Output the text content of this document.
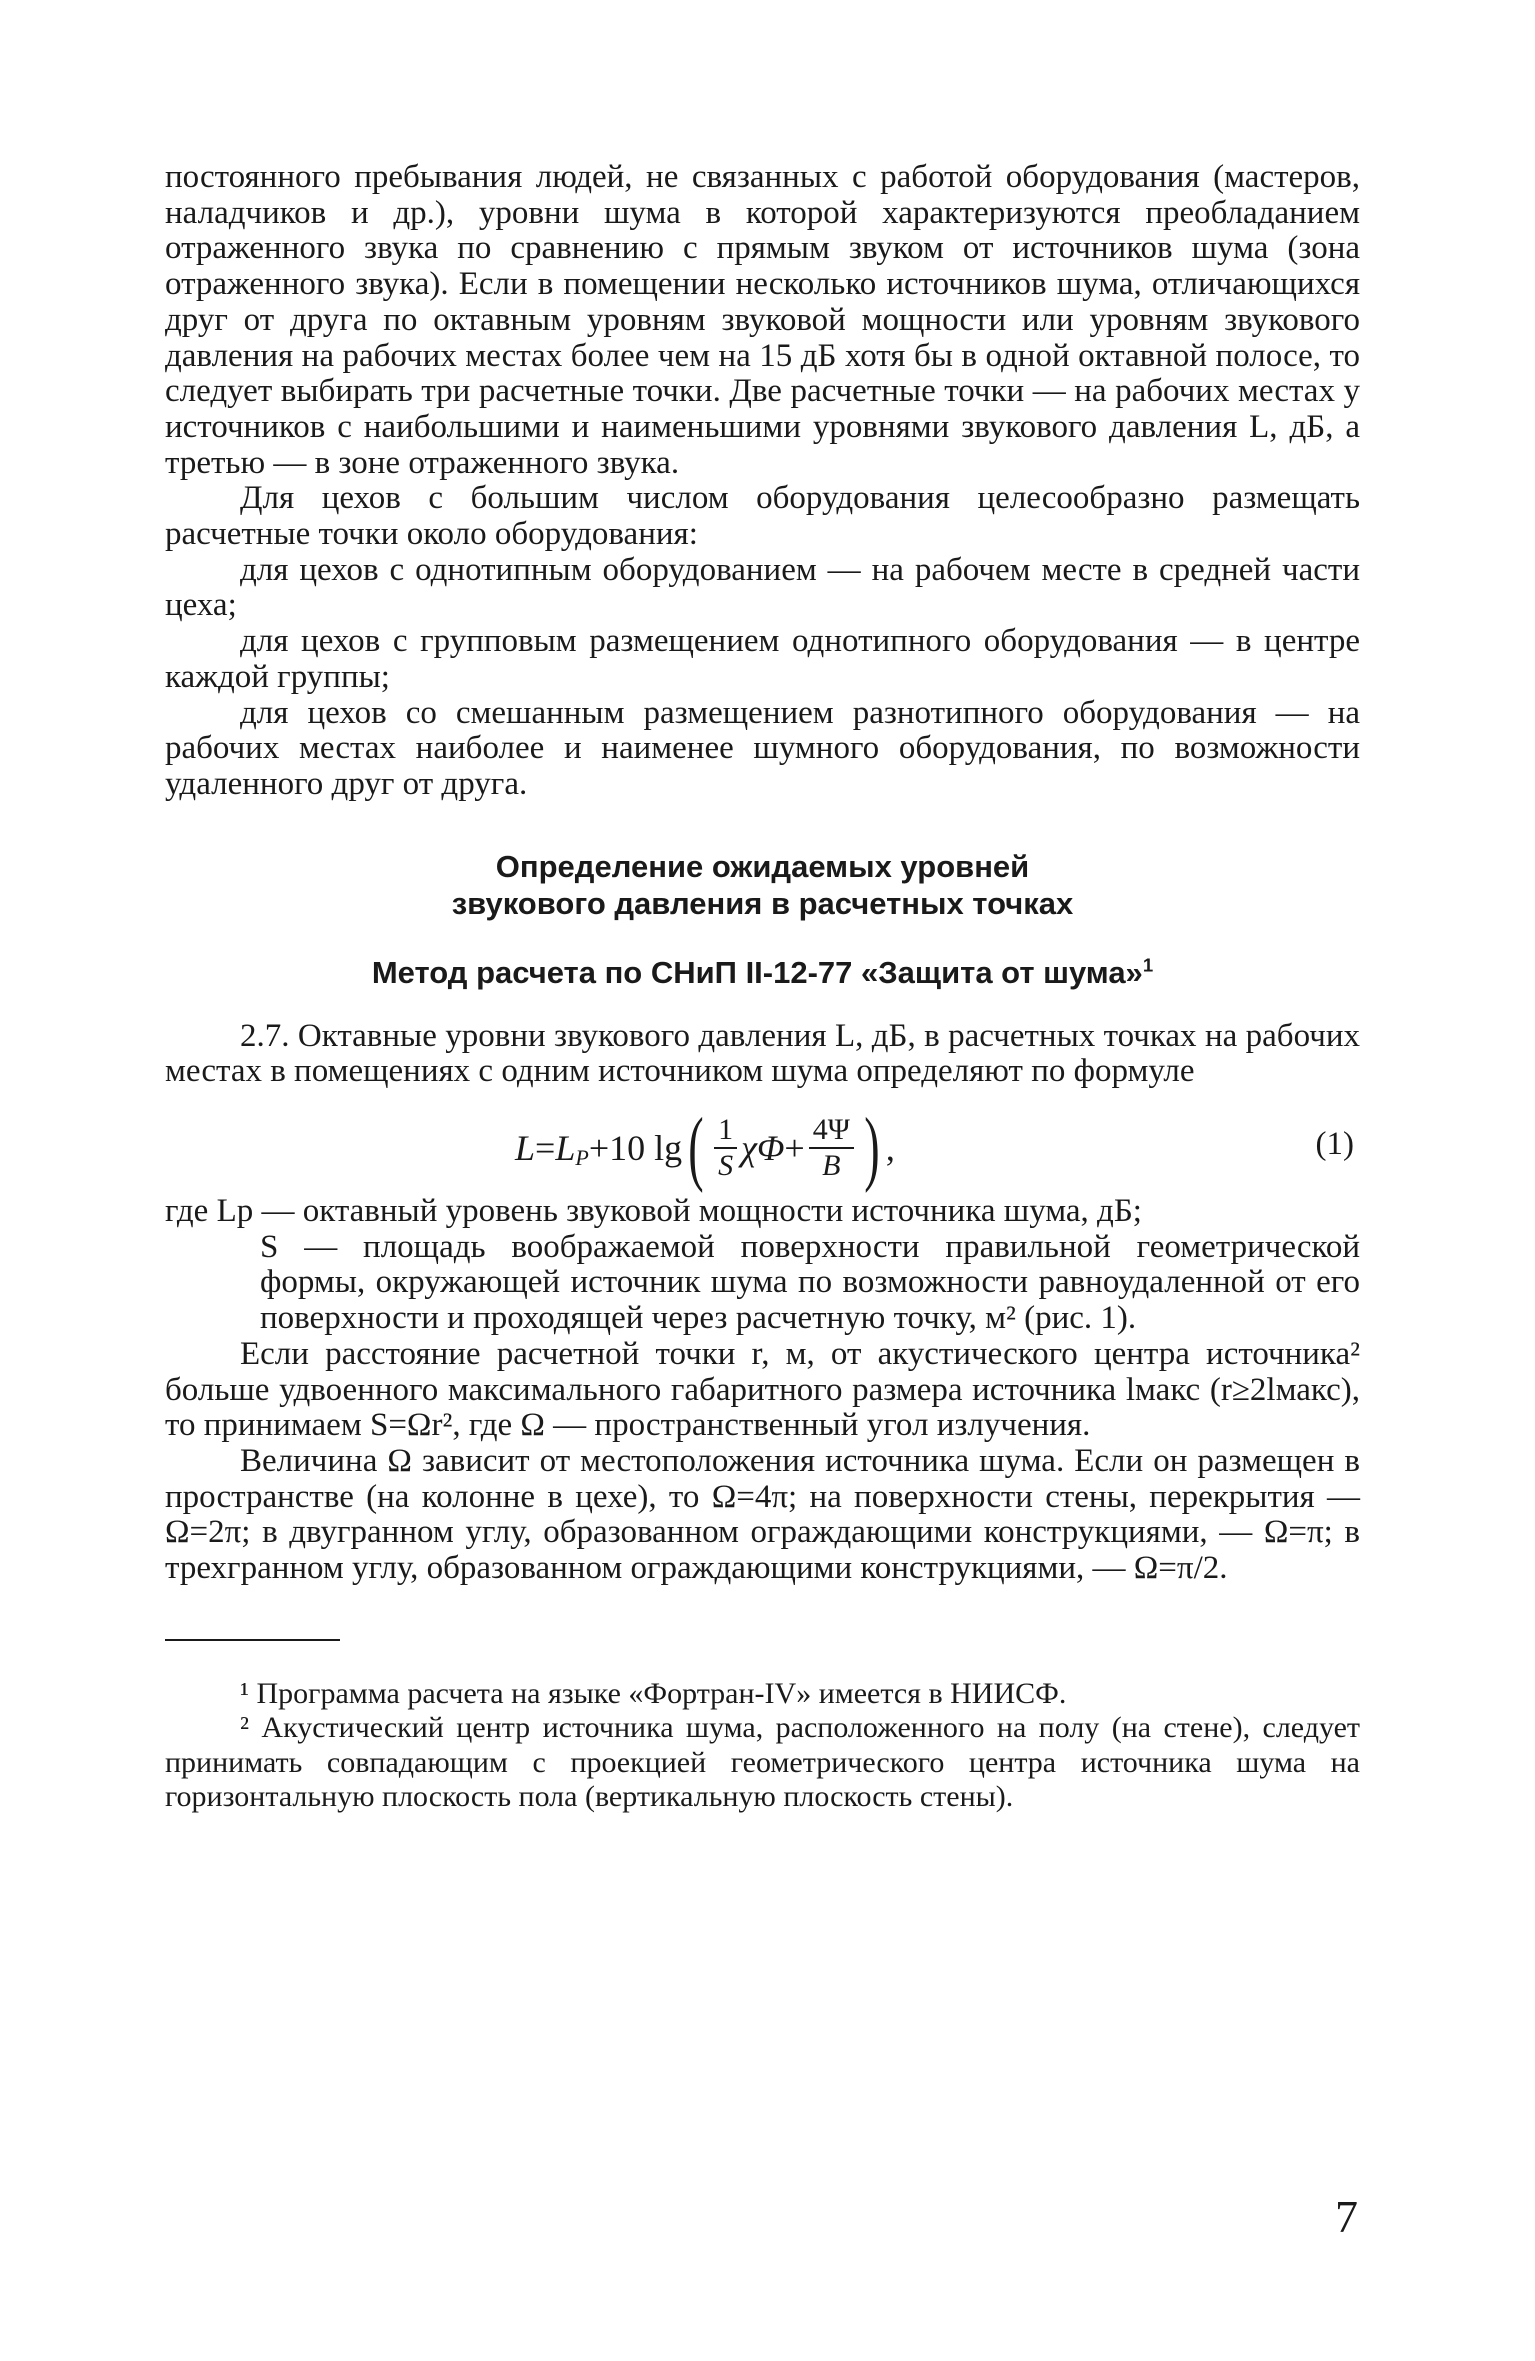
постоянного пребывания людей, не связанных с работой оборудования (мастеров, наладчиков и др.), уровни шума в которой характеризуются преобладанием отраженного звука по сравнению с прямым звуком от источников шума (зона отраженного звука). Если в помещении несколько источников шума, отличающихся друг от друга по октавным уровням звуковой мощности или уровням звукового давления на рабочих местах более чем на 15 дБ хотя бы в одной октавной полосе, то следует выбирать три расчетные точки. Две расчетные точки — на рабочих местах у источников с наибольшими и наименьшими уровнями звукового давления L, дБ, а третью — в зоне отраженного звука.

Для цехов с большим числом оборудования целесообразно размещать расчетные точки около оборудования:

для цехов с однотипным оборудованием — на рабочем месте в средней части цеха;

для цехов с групповым размещением однотипного оборудования — в центре каждой группы;

для цехов со смешанным размещением разнотипного оборудования — на рабочих местах наиболее и наименее шумного оборудования, по возможности удаленного друг от друга.

Определение ожидаемых уровней

звукового давления в расчетных точках

Метод расчета по СНиП II-12-77 «Защита от шума»$^1$

2.7. Октавные уровни звукового давления L, дБ, в расчетных точках на рабочих местах в помещениях с одним источником шума определяют по формуле

L = L P + 10 lg ( $\frac{1}{S}$ $\chi\Phi + \frac{4\Psi}{B}$ ) ,	(1)

где Lр — октавный уровень звуковой мощности источника шума, дБ;

S — площадь воображаемой поверхности правильной геометрической формы, окружающей источник шума по возможности равноудаленной от его поверхности и проходящей через расчетную точку, м² (рис. 1).

Если расстояние расчетной точки r, м, от акустического центра источника² больше удвоенного максимального габаритного размера источника lмакс (r≥2lмакс), то принимаем S=Ωr², где Ω — пространственный угол излучения.

Величина Ω зависит от местоположения источника шума. Если он размещен в пространстве (на колонне в цехе), то Ω=4π; на поверхности стены, перекрытия — Ω=2π; в двугранном углу, образованном ограждающими конструкциями, — Ω=π; в трехгранном углу, образованном ограждающими конструкциями, — Ω=π/2.

¹ Программа расчета на языке «Фортран-IV» имеется в НИИСФ.

² Акустический центр источника шума, расположенного на полу (на стене), следует принимать совпадающим с проекцией геометрического центра источника шума на горизонтальную плоскость пола (вертикальную плоскость стены).

7
